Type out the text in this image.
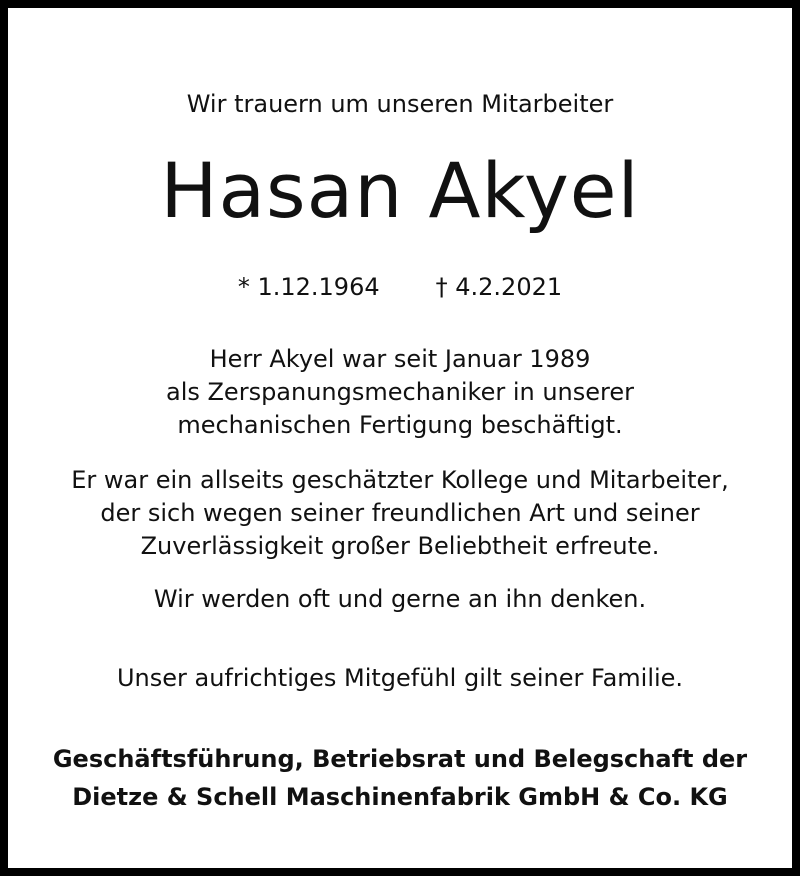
Wir trauern um unseren Mitarbeiter
Hasan Akyel
* 1.12.1964 † 4.2.2021
Herr Akyel war seit Januar 1989
als Zerspanungsmechaniker in unserer
mechanischen Fertigung beschäftigt.
Er war ein allseits geschätzter Kollege und Mitarbeiter,
der sich wegen seiner freundlichen Art und seiner
Zuverlässigkeit großer Beliebtheit erfreute.
Wir werden oft und gerne an ihn denken.
Unser aufrichtiges Mitgefühl gilt seiner Familie.
Geschäftsführung, Betriebsrat und Belegschaft der
Dietze & Schell Maschinenfabrik GmbH & Co. KG
